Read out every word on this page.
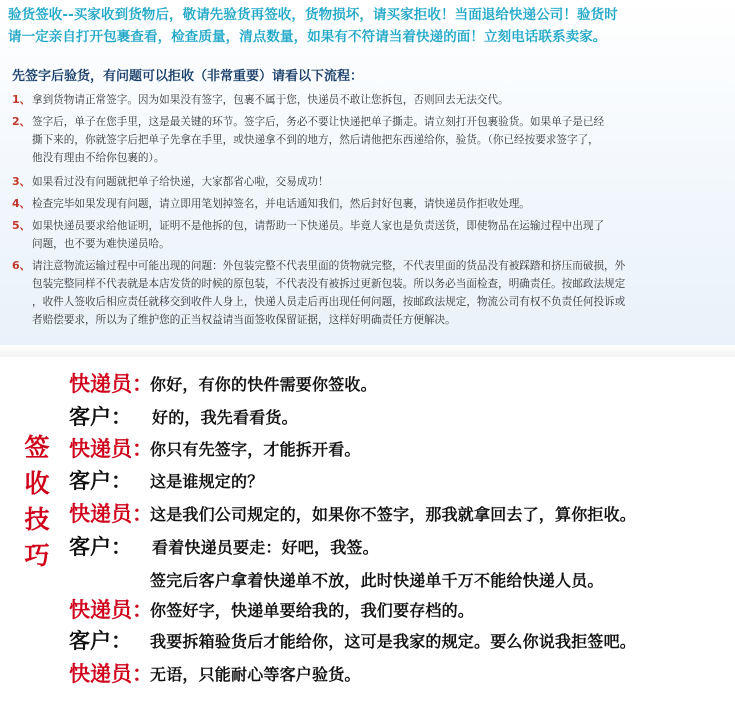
验货签收--买家收到货物后，敬请先验货再签收，货物损坏，请买家拒收！当面退给快递公司！验货时
请一定亲自打开包裹查看，检查质量，清点数量，如果有不符请当着快递的面！立刻电话联系卖家。
先签字后验货，有问题可以拒收（非常重要）请看以下流程：
1、 拿到货物请正常签字。因为如果没有签字，包裹不属于您，快递员不敢让您拆包，否则回去无法交代。
2、 签字后，单子在您手里，这是最关键的环节。签字后，务必不要让快递把单子撕走。请立刻打开包裹验货。如果单子是已经
撕下来的，你就签字后把单子先拿在手里，或快递拿不到的地方，然后请他把东西递给你，验货。（你已经按要求签字了，
他没有理由不给你包裹的）。
3、 如果看过没有问题就把单子给快递，大家都省心啦，交易成功！
4、 检查完毕如果发现有问题，请立即用笔划掉签名，并电话通知我们，然后封好包裹，请快递员作拒收处理。
5、 如果快递员要求给他证明，证明不是他拆的包，请帮助一下快递员。毕竟人家也是负责送货，即使物品在运输过程中出现了
问题，也不要为难快递员哈。
6、 请注意物流运输过程中可能出现的问题：外包装完整不代表里面的货物就完整，不代表里面的货品没有被踩踏和挤压而破损，外
包装完整同样不代表就是本店发货的时候的原包装，不代表没有被拆过更新包装。所以务必当面检查，明确责任。按邮政法规定
，收件人签收后相应责任就移交到收件人身上，快递人员走后再出现任何问题，按邮政法规定，物流公司有权不负责任何投诉或
者赔偿要求，所以为了维护您的正当权益请当面签收保留证据，这样好明确责任方便解决。
签
收
技
巧
快递员：
你好，有你的快件需要你签收。
客户： 好的，我先看看货。
快递员：
你只有先签字，才能拆开看。
客户： 这是谁规定的？
快递员：
这是我们公司规定的，如果你不签字，那我就拿回去了，算你拒收。
客户： 看着快递员要走：好吧，我签。
签完后客户拿着快递单不放，此时快递单千万不能给快递人员。
快递员：
你签好字，快递单要给我的，我们要存档的。
客户： 我要拆箱验货后才能给你，这可是我家的规定。要么你说我拒签吧。
快递员：
无语，只能耐心等客户验货。
